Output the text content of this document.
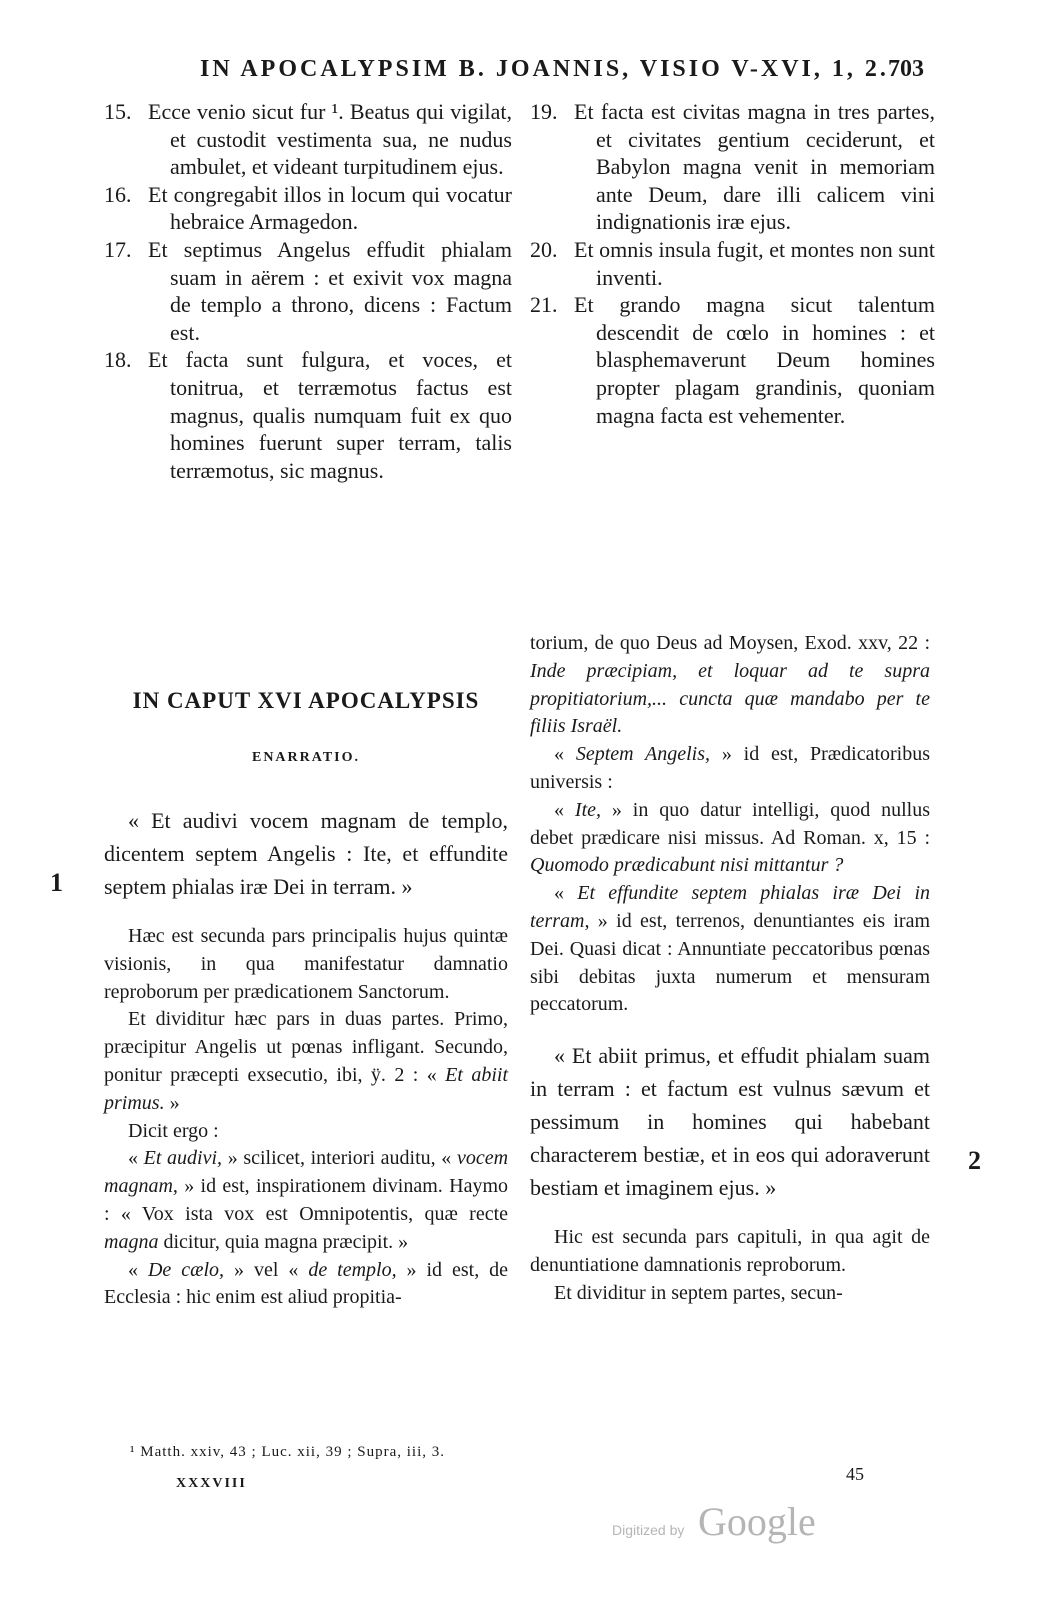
IN APOCALYPSIM B. JOANNIS, VISIO V-XVI, 1, 2. 703
15. Ecce venio sicut fur ¹. Beatus qui vigilat, et custodit vestimenta sua, ne nudus ambulet, et videant turpitudinem ejus.
16. Et congregabit illos in locum qui vocatur hebraice Armagedon.
17. Et septimus Angelus effudit phialam suam in aërem : et exivit vox magna de templo a throno, dicens : Factum est.
18. Et facta sunt fulgura, et voces, et tonitrua, et terræmotus factus est magnus, qualis numquam fuit ex quo homines fuerunt super terram, talis terræmotus, sic magnus.
19. Et facta est civitas magna in tres partes, et civitates gentium ceciderunt, et Babylon magna venit in memoriam ante Deum, dare illi calicem vini indignationis iræ ejus.
20. Et omnis insula fugit, et montes non sunt inventi.
21. Et grando magna sicut talentum descendit de cœlo in homines : et blasphemaverunt Deum homines propter plagam grandinis, quoniam magna facta est vehementer.
IN CAPUT XVI APOCALYPSIS
ENARRATIO.

« Et audivi vocem magnam de templo, dicentem septem Angelis : Ite, et effundite septem phialas iræ Dei in terram. »

Hæc est secunda pars principalis hujus quintæ visionis, in qua manifestatur damnatio reproborum per prædicationem Sanctorum.

Et dividitur hæc pars in duas partes. Primo, præcipitur Angelis ut pœnas infligant. Secundo, ponitur præcepti exsecutio, ibi, ÿ. 2 : « Et abiit primus. »

Dicit ergo :

« Et audivi, » scilicet, interiori auditu, « vocem magnam, » id est, inspirationem divinam. Haymo : « Vox ista vox est Omnipotentis, quæ recte magna dicitur, quia magna præcipit. »

« De cælo, » vel « de templo, » id est, de Ecclesia : hic enim est aliud propitia-

torium, de quo Deus ad Moysen, Exod. xxv, 22 : Inde præcipiam, et loquar ad te supra propitiatorium,... cuncta quæ mandabo per te filiis Israël.

« Septem Angelis, » id est, Prædicatoribus universis :

« Ite, » in quo datur intelligi, quod nullus debet prædicare nisi missus. Ad Roman. x, 15 : Quomodo prædicabunt nisi mittantur ?

« Et effundite septem phialas iræ Dei in terram, » id est, terrenos, denuntiantes eis iram Dei. Quasi dicat : Annuntiate peccatoribus pœnas sibi debitas juxta numerum et mensuram peccatorum.

« Et abiit primus, et effudit phialam suam in terram : et factum est vulnus sævum et pessimum in homines qui habebant characterem bestiæ, et in eos qui adoraverunt bestiam et imaginem ejus. »

Hic est secunda pars capituli, in qua agit de denuntiatione damnationis reproborum.

Et dividitur in septem partes, secun-

1
2
¹ Matth. xxiv, 43 ; Luc. xii, 39 ; Supra, iii, 3.
XXXVIII	45
Digitized by Google
